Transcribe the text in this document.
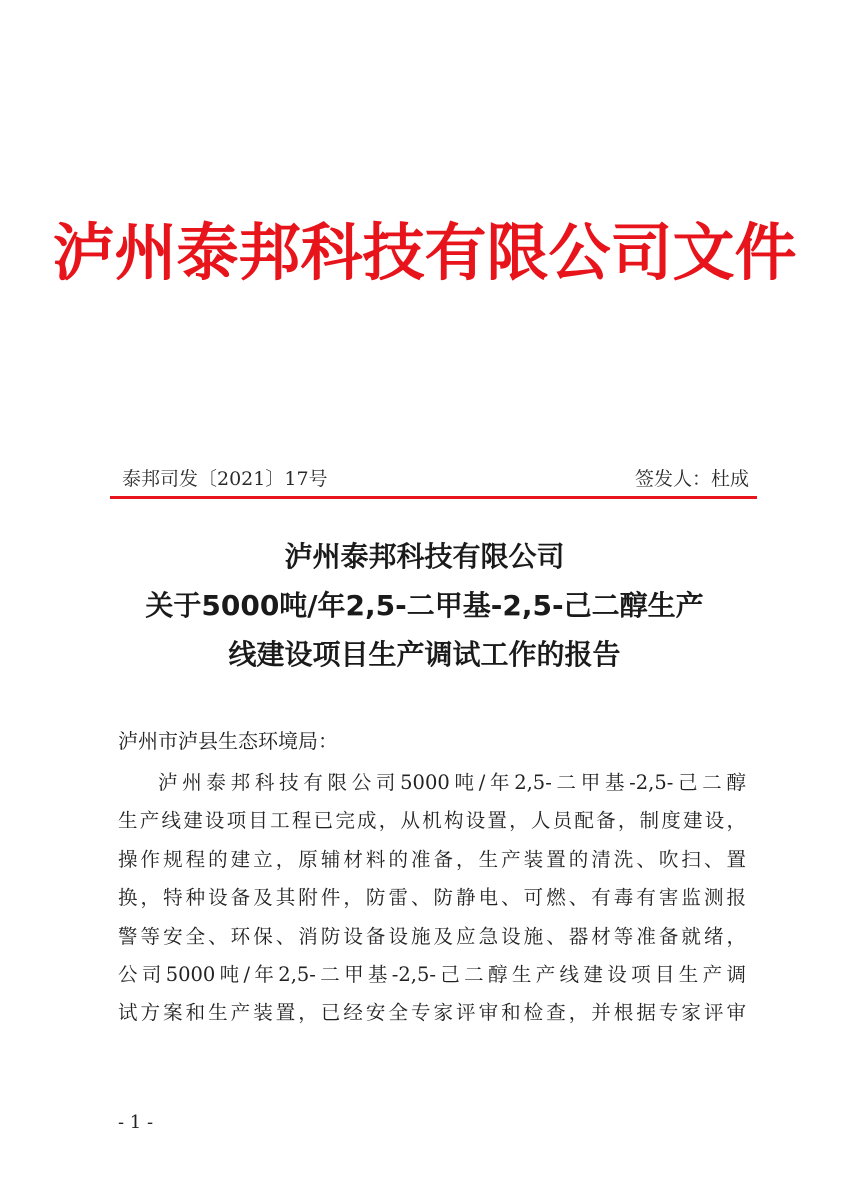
泸州泰邦科技有限公司文件
泰邦司发〔2021〕17号	签发人：杜成
泸州泰邦科技有限公司
关于5000吨/年2,5-二甲基-2,5-己二醇生产
线建设项目生产调试工作的报告
泸州市泸县生态环境局：
泸州泰邦科技有限公司5000吨/年2,5-二甲基-2,5-己二醇
生产线建设项目工程已完成，从机构设置，人员配备，制度建设，
操作规程的建立，原辅材料的准备，生产装置的清洗、吹扫、置
换，特种设备及其附件，防雷、防静电、可燃、有毒有害监测报
警等安全、环保、消防设备设施及应急设施、器材等准备就绪，
公司5000吨/年2,5-二甲基-2,5-己二醇生产线建设项目生产调
试方案和生产装置，已经安全专家评审和检查，并根据专家评审
- 1 -
